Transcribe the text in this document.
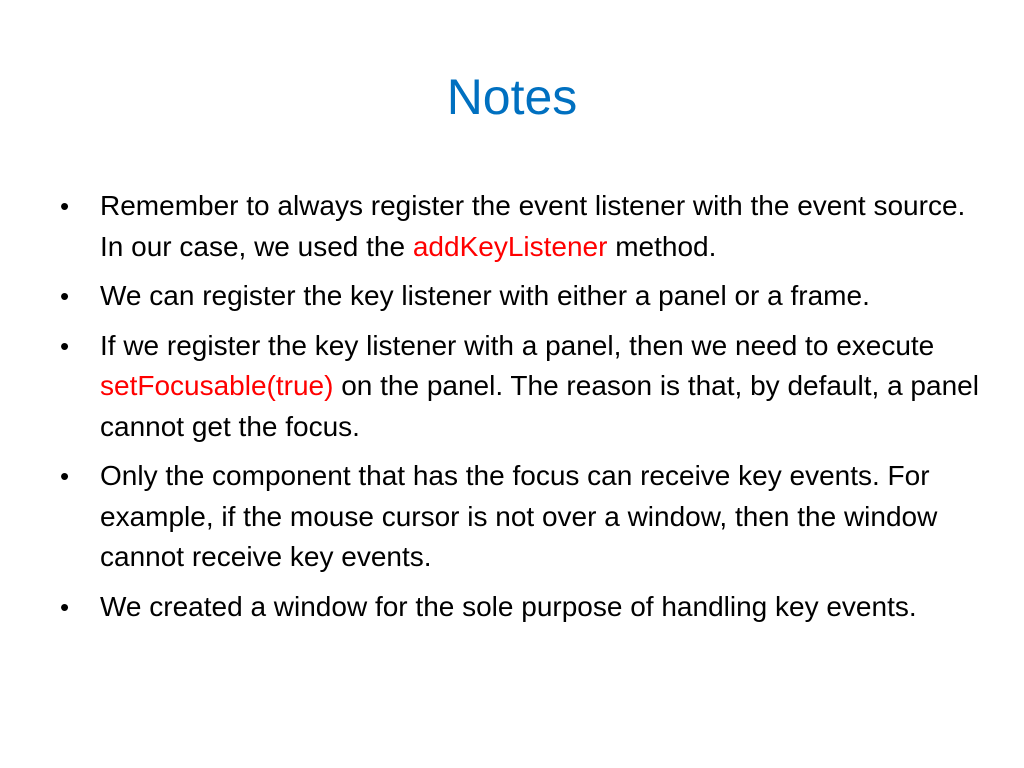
Notes
• Remember to always register the event listener with the event source. In our case, we used the addKeyListener method.
• We can register the key listener with either a panel or a frame.
• If we register the key listener with a panel, then we need to execute setFocusable(true) on the panel. The reason is that, by default, a panel cannot get the focus.
• Only the component that has the focus can receive key events. For example, if the mouse cursor is not over a window, then the window cannot receive key events.
• We created a window for the sole purpose of handling key events.
